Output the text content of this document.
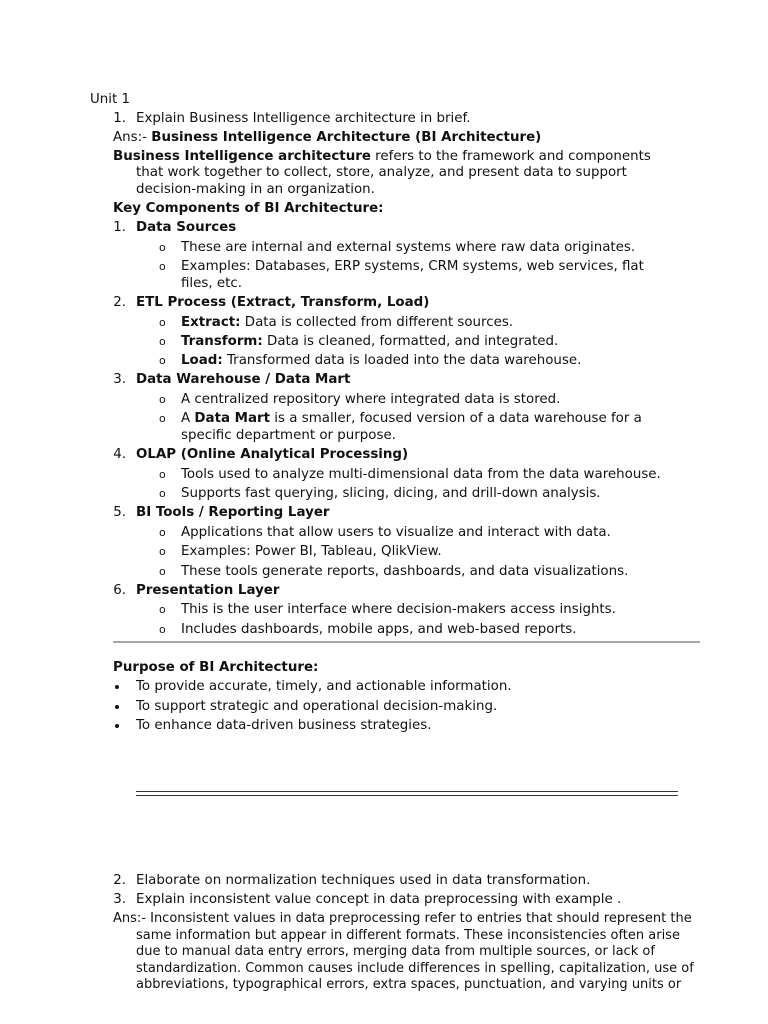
Unit 1
1. Explain Business Intelligence architecture in brief.
Ans:- Business Intelligence Architecture (BI Architecture)
Business Intelligence architecture refers to the framework and components
that work together to collect, store, analyze, and present data to support
decision-making in an organization.
Key Components of BI Architecture:
1. Data Sources
o These are internal and external systems where raw data originates.
o Examples: Databases, ERP systems, CRM systems, web services, flat
files, etc.
2. ETL Process (Extract, Transform, Load)
o Extract: Data is collected from different sources.
o Transform: Data is cleaned, formatted, and integrated.
o Load: Transformed data is loaded into the data warehouse.
3. Data Warehouse / Data Mart
o A centralized repository where integrated data is stored.
o A Data Mart is a smaller, focused version of a data warehouse for a
specific department or purpose.
4. OLAP (Online Analytical Processing)
o Tools used to analyze multi-dimensional data from the data warehouse.
o Supports fast querying, slicing, dicing, and drill-down analysis.
5. BI Tools / Reporting Layer
o Applications that allow users to visualize and interact with data.
o Examples: Power BI, Tableau, QlikView.
o These tools generate reports, dashboards, and data visualizations.
6. Presentation Layer
o This is the user interface where decision-makers access insights.
o Includes dashboards, mobile apps, and web-based reports.
Purpose of BI Architecture:
To provide accurate, timely, and actionable information.
To support strategic and operational decision-making.
To enhance data-driven business strategies.
2. Elaborate on normalization techniques used in data transformation.
3. Explain inconsistent value concept in data preprocessing with example .
Ans:- Inconsistent values in data preprocessing refer to entries that should represent the
same information but appear in different formats. These inconsistencies often arise
due to manual data entry errors, merging data from multiple sources, or lack of
standardization. Common causes include differences in spelling, capitalization, use of
abbreviations, typographical errors, extra spaces, punctuation, and varying units or
